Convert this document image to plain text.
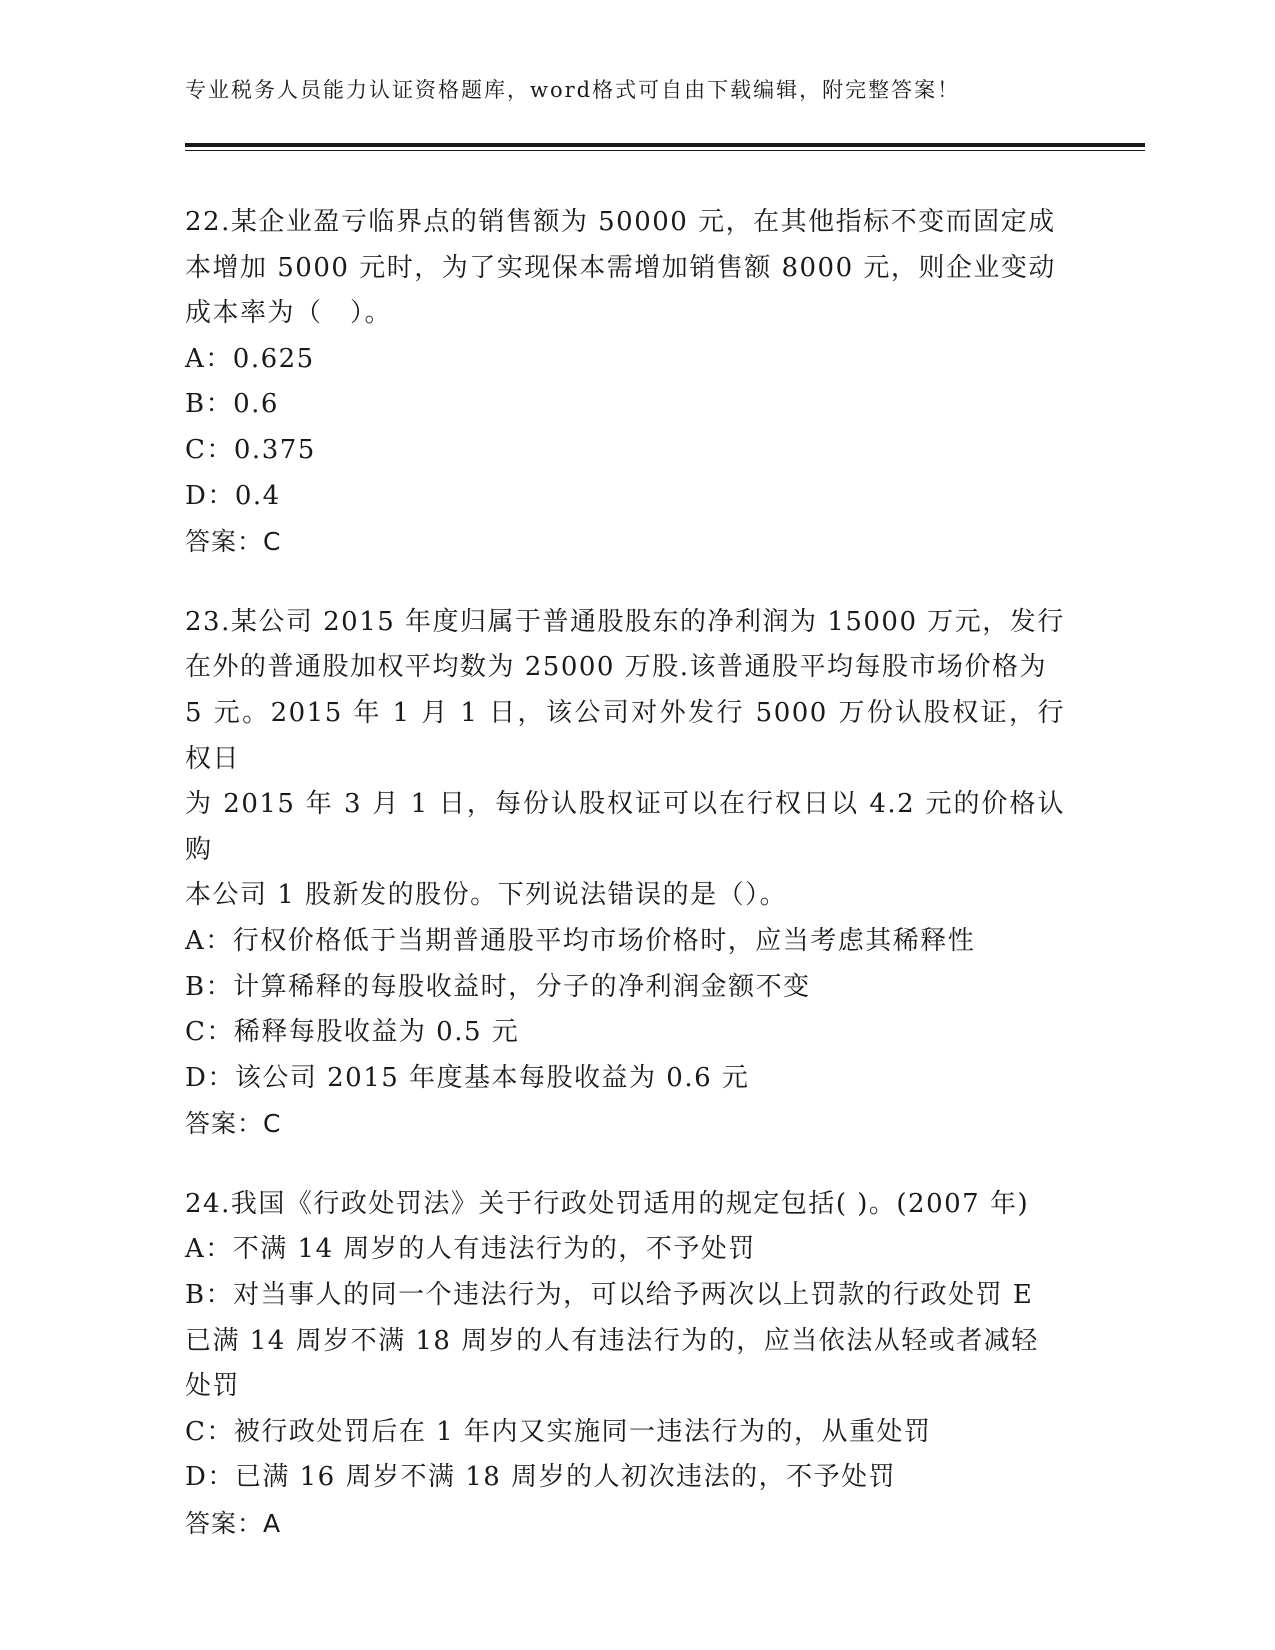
专业税务人员能力认证资格题库，word格式可自由下载编辑，附完整答案！
22.某企业盈亏临界点的销售额为 50000 元，在其他指标不变而固定成
本增加 5000 元时，为了实现保本需增加销售额 8000 元，则企业变动
成本率为（　）。
A：0.625
B：0.6
C：0.375
D：0.4
答案：C
23.某公司 2015 年度归属于普通股股东的净利润为 15000 万元，发行
在外的普通股加权平均数为 25000 万股.该普通股平均每股市场价格为
5 元。2015 年 1 月 1 日，该公司对外发行 5000 万份认股权证，行权日
为 2015 年 3 月 1 日，每份认股权证可以在行权日以 4.2 元的价格认购
本公司 1 股新发的股份。下列说法错误的是（）。
A：行权价格低于当期普通股平均市场价格时，应当考虑其稀释性
B：计算稀释的每股收益时，分子的净利润金额不变
C：稀释每股收益为 0.5 元
D：该公司 2015 年度基本每股收益为 0.6 元
答案：C
24.我国《行政处罚法》关于行政处罚适用的规定包括( )。(2007 年)
A：不满 14 周岁的人有违法行为的，不予处罚
B：对当事人的同一个违法行为，可以给予两次以上罚款的行政处罚 E
已满 14 周岁不满 18 周岁的人有违法行为的，应当依法从轻或者减轻
处罚
C：被行政处罚后在 1 年内又实施同一违法行为的，从重处罚
D：已满 16 周岁不满 18 周岁的人初次违法的，不予处罚
答案：A
